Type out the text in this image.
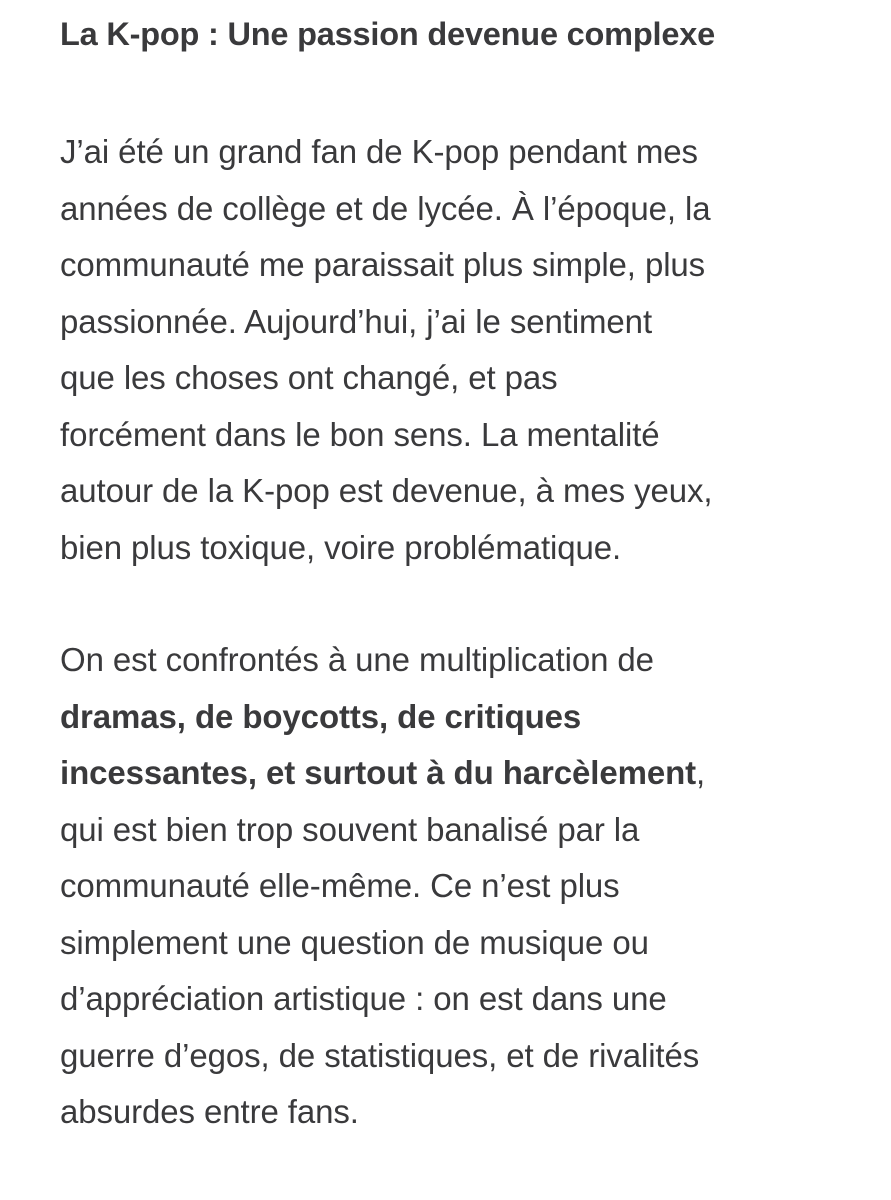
La K-pop : Une passion devenue complexe

J’ai été un grand fan de K-pop pendant mes
années de collège et de lycée. À l’époque, la
communauté me paraissait plus simple, plus
passionnée. Aujourd’hui, j’ai le sentiment
que les choses ont changé, et pas
forcément dans le bon sens. La mentalité
autour de la K-pop est devenue, à mes yeux,
bien plus toxique, voire problématique.

On est confrontés à une multiplication de
dramas, de boycotts, de critiques
incessantes, et surtout à du harcèlement,
qui est bien trop souvent banalisé par la
communauté elle-même. Ce n’est plus
simplement une question de musique ou
d’appréciation artistique : on est dans une
guerre d’egos, de statistiques, et de rivalités
absurdes entre fans.
